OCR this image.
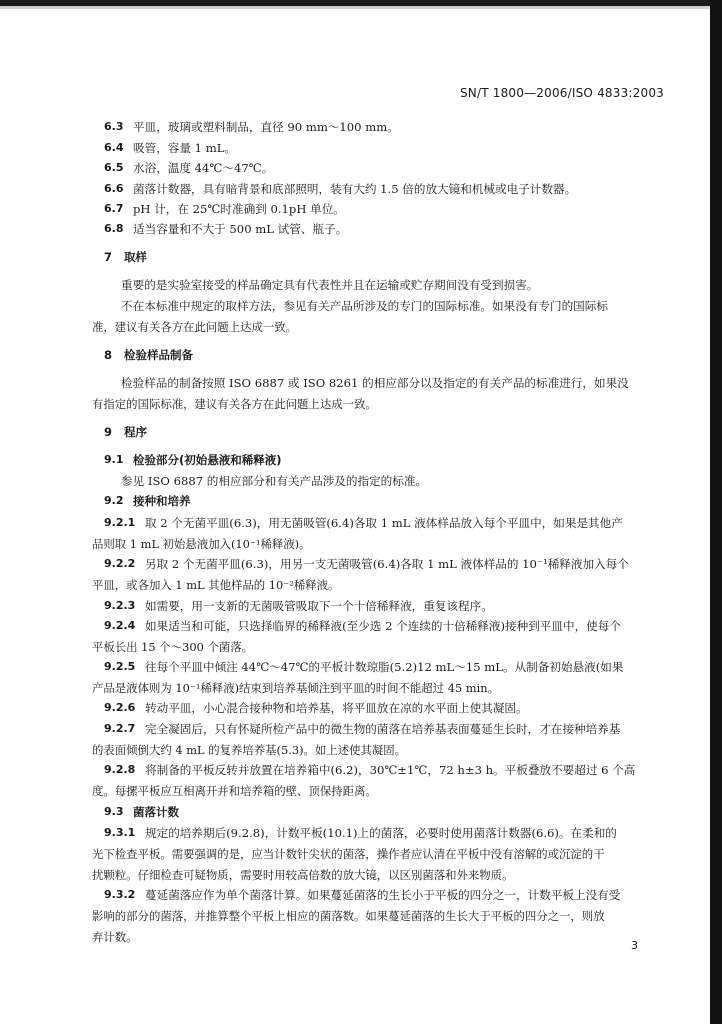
SN/T 1800—2006/ISO 4833:2003
6.3 平皿，玻璃或塑料制品，直径 90 mm～100 mm。
6.4 吸管，容量 1 mL。
6.5 水浴，温度 44℃～47℃。
6.6 菌落计数器，具有暗背景和底部照明，装有大约 1.5 倍的放大镜和机械或电子计数器。
6.7 pH 计，在 25℃时准确到 0.1pH 单位。
6.8 适当容量和不大于 500 mL 试管、瓶子。
7 取样
重要的是实验室接受的样品确定具有代表性并且在运输或贮存期间没有受到损害。
不在本标准中规定的取样方法，参见有关产品所涉及的专门的国际标准。如果没有专门的国际标
准，建议有关各方在此问题上达成一致。
8 检验样品制备
检验样品的制备按照 ISO 6887 或 ISO 8261 的相应部分以及指定的有关产品的标准进行，如果没
有指定的国际标准，建议有关各方在此问题上达成一致。
9 程序
9.1 检验部分(初始悬液和稀释液)
参见 ISO 6887 的相应部分和有关产品涉及的指定的标准。
9.2 接种和培养
9.2.1 取 2 个无菌平皿(6.3)，用无菌吸管(6.4)各取 1 mL 液体样品放入每个平皿中，如果是其他产
品则取 1 mL 初始悬液加入(10⁻¹稀释液)。
9.2.2 另取 2 个无菌平皿(6.3)，用另一支无菌吸管(6.4)各取 1 mL 液体样品的 10⁻¹稀释液加入每个
平皿，或各加入 1 mL 其他样品的 10⁻²稀释液。
9.2.3 如需要，用一支新的无菌吸管吸取下一个十倍稀释液，重复该程序。
9.2.4 如果适当和可能，只选择临界的稀释液(至少选 2 个连续的十倍稀释液)接种到平皿中，使每个
平板长出 15 个～300 个菌落。
9.2.5 往每个平皿中倾注 44℃～47℃的平板计数琼脂(5.2)12 mL～15 mL。从制备初始悬液(如果
产品是液体则为 10⁻¹稀释液)结束到培养基倾注到平皿的时间不能超过 45 min。
9.2.6 转动平皿，小心混合接种物和培养基，将平皿放在凉的水平面上使其凝固。
9.2.7 完全凝固后，只有怀疑所检产品中的微生物的菌落在培养基表面蔓延生长时，才在接种培养基
的表面倾倒大约 4 mL 的复养培养基(5.3)。如上述使其凝固。
9.2.8 将制备的平板反转并放置在培养箱中(6.2)，30℃±1℃，72 h±3 h。平板叠放不要超过 6 个高
度。每摞平板应互相离开并和培养箱的壁、顶保持距离。
9.3 菌落计数
9.3.1 规定的培养期后(9.2.8)，计数平板(10.1)上的菌落，必要时使用菌落计数器(6.6)。在柔和的
光下检查平板。需要强调的是，应当计数针尖状的菌落，操作者应认清在平板中没有溶解的或沉淀的干
扰颗粒。仔细检查可疑物质，需要时用较高倍数的放大镜，以区别菌落和外来物质。
9.3.2 蔓延菌落应作为单个菌落计算。如果蔓延菌落的生长小于平板的四分之一，计数平板上没有受
影响的部分的菌落，并推算整个平板上相应的菌落数。如果蔓延菌落的生长大于平板的四分之一，则放
弃计数。
3
